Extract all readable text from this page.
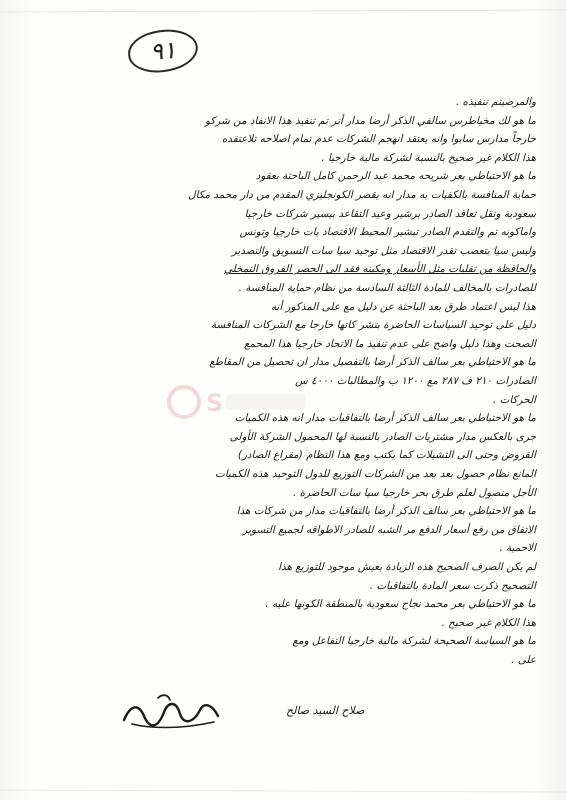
٩١
والمرصيتم تنفيذه .
ما هو لك مخياطرس سالفي الذكر أرضا مدار أنر تم تنفيذ هذا الانفاد من شركو
خارجاً مدارس سابوا وانه يعتقد انهجم الشركات عدم تمام اصلاحه تلاعتقده
هذا الكلام غير صحيح بالنسبة لشركة مالية خارجيا .
ما هو الاحتياطي بعر شريحه محمد عبد الرحمن كامل الباحثة بعقود
حماية المنافسة بالكفيات به مدار انه يقصر الكونجليزي المقدم من دار محمد مكال
سعودية ونقل تعاقد الصادر برشير وعيد التقاعد بيسير شركات خارجيا
واماكونه تم والتقدم الصادر تبشير المحيط الاقتصاد يات خارجيا وتونس
وليس سيا بتعصب تقدر الاقتصاد مثل توحيد سيا سات التسويق والتصدير
والحافظة من تقلبات مثل الأسعار ومكينه فقد الى الحصر الفروق النمخلي
للصادرات بالمخالف للمادة الثالثة السادسة من نظام حماية المنافسة .
هذا ليس اعتماد طرق بعد الباحثة عن دليل مع على المذكور أنه
دليل على توحيد السياسات الحاضرة بتشر كاتها خارجا مع الشركات المنافسة
الصحت وهذا دليل واضح على عدم تنفيذ ما الاتحاد خارجيا هذا المحمع
ما هو الاحتياطي بعر سالف الذكر أرضا بالتفصيل مدار ان تحصيل من المقاطع
الصادرات ٢١٠ ف ٢٨٧ مع ١٢٠٠ ب والمطالبات ٤٠٠٠ س
الحركات .
ما هو الاحتياطي بعر سالف الذكر أرضا بالتفاقيات مدار انه هذه الكميات
جرى بالعكس مدار مشتريات الصادر بالنسبة لها المحمول الشركة الأولى
القروض وحتى الى التشيلات كما يكتب ومع هذا النظام (مقراع الصادر)
المانع نظام حصول بعد بعد من الشركات التوزيع للدول التوحيد هذه الكميات
الأجل منصول لعلم طرق بحر خارجيا سيا سات الحاضرة .
ما هو الاحتياطي بعر سالف الذكر أرضا بالتفاقيات مدار من شركات هذا
الاتفاق من رفع أسعار الدفع مر الشبه للصادر الاطواقه لجميع التسوير
الاحمية .
لم يكن الصرف الصحيح هذه الزيادة بعيش موجود للتوزيع هذا
التصحيح ذكرت سعر المادة بالتفاقيات .
ما هو الاحتياطي بعر محمد نجاح سعودية بالمنطقة الكونها عليه .
هذا الكلام غير صحيح .
ما هو السياسة الصحيحة لشركة مالية خارجيا التفاعل ومع
على .
S
صلاح السيد صالح
